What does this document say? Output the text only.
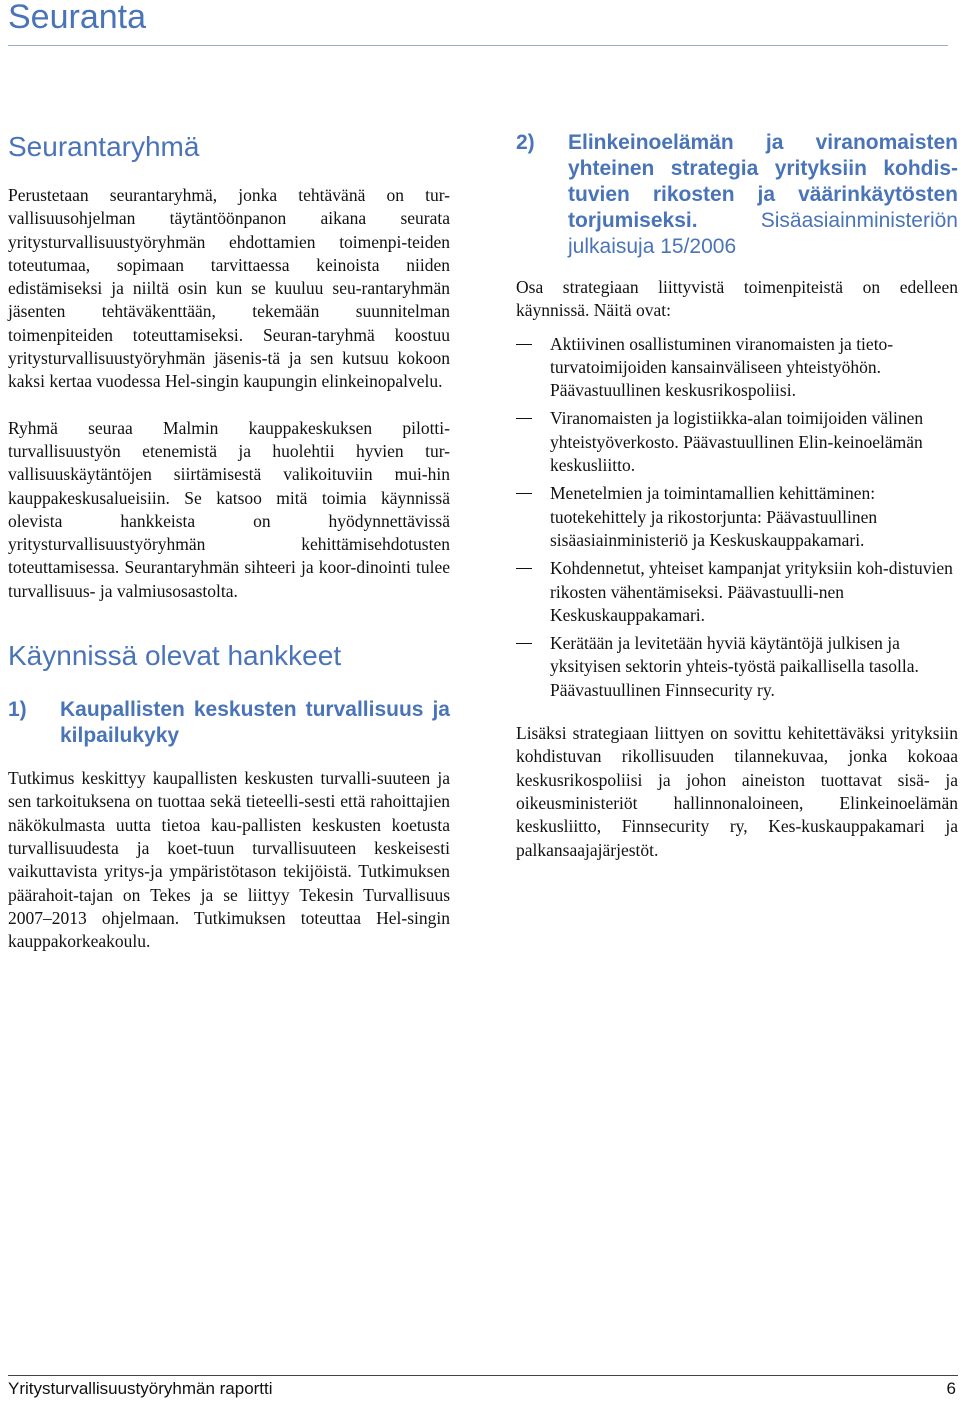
Seuranta
Seurantaryhmä

Perustetaan seurantaryhmä, jonka tehtävänä on tur-vallisuusohjelman täytäntöönpanon aikana seurata yritysturvallisuustyöryhmän ehdottamien toimenpi-teiden toteutumaa, sopimaan tarvittaessa keinoista niiden edistämiseksi ja niiltä osin kun se kuuluu seu-rantaryhmän jäsenten tehtäväkenttään, tekemään suunnitelman toimenpiteiden toteuttamiseksi. Seuran-taryhmä koostuu yritysturvallisuustyöryhmän jäsenis-tä ja sen kutsuu kokoon kaksi kertaa vuodessa Hel-singin kaupungin elinkeinopalvelu.

Ryhmä seuraa Malmin kauppakeskuksen pilotti-turvallisuustyön etenemistä ja huolehtii hyvien tur-vallisuuskäytäntöjen siirtämisestä valikoituviin mui-hin kauppakeskusalueisiin. Se katsoo mitä toimia käynnissä olevista hankkeista on hyödynnettävissä yritysturvallisuustyöryhmän kehittämisehdotusten toteuttamisessa. Seurantaryhmän sihteeri ja koor-dinointi tulee turvallisuus- ja valmiusosastolta.

Käynnissä olevat hankkeet
1)	Kaupallisten keskusten turvallisuus ja kilpailukyky

Tutkimus keskittyy kaupallisten keskusten turvalli-suuteen ja sen tarkoituksena on tuottaa sekä tieteelli-sesti että rahoittajien näkökulmasta uutta tietoa kau-pallisten keskusten koetusta turvallisuudesta ja koet-tuun turvallisuuteen keskeisesti vaikuttavista yritys-ja ympäristötason tekijöistä. Tutkimuksen päärahoit-tajan on Tekes ja se liittyy Tekesin Turvallisuus 2007–2013 ohjelmaan. Tutkimuksen toteuttaa Hel-singin kauppakorkeakoulu.

2)	Elinkeinoelämän ja viranomaisten yhteinen strategia yrityksiin kohdis-tuvien rikosten ja väärinkäytösten torjumiseksi.	Sisäasiainministeriön julkaisuja 15/2006

Osa strategiaan liittyvistä toimenpiteistä on edelleen käynnissä. Näitä ovat:

Aktiivinen osallistuminen viranomaisten ja tieto-turvatoimijoiden kansainväliseen yhteistyöhön. Päävastuullinen keskusrikospoliisi.
Viranomaisten ja logistiikka-alan toimijoiden välinen yhteistyöverkosto. Päävastuullinen Elin-keinoelämän keskusliitto.
Menetelmien ja toimintamallien kehittäminen: tuotekehittely ja rikostorjunta: Päävastuullinen sisäasiainministeriö ja Keskuskauppakamari.
Kohdennetut, yhteiset kampanjat yrityksiin koh-distuvien rikosten vähentämiseksi. Päävastuulli-nen Keskuskauppakamari.
Kerätään ja levitetään hyviä käytäntöjä julkisen ja yksityisen sektorin yhteis-työstä paikallisella tasolla. Päävastuullinen Finnsecurity ry.

Lisäksi strategiaan liittyen on sovittu kehitettäväksi yrityksiin kohdistuvan rikollisuuden tilannekuvaa, jonka kokoaa keskusrikospoliisi ja johon aineiston tuottavat sisä- ja oikeusministeriöt hallinnonaloineen, Elinkeinoelämän keskusliitto, Finnsecurity ry, Kes-kuskauppakamari ja palkansaajajärjestöt.

Yritysturvallisuustyöryhmän raportti	6
